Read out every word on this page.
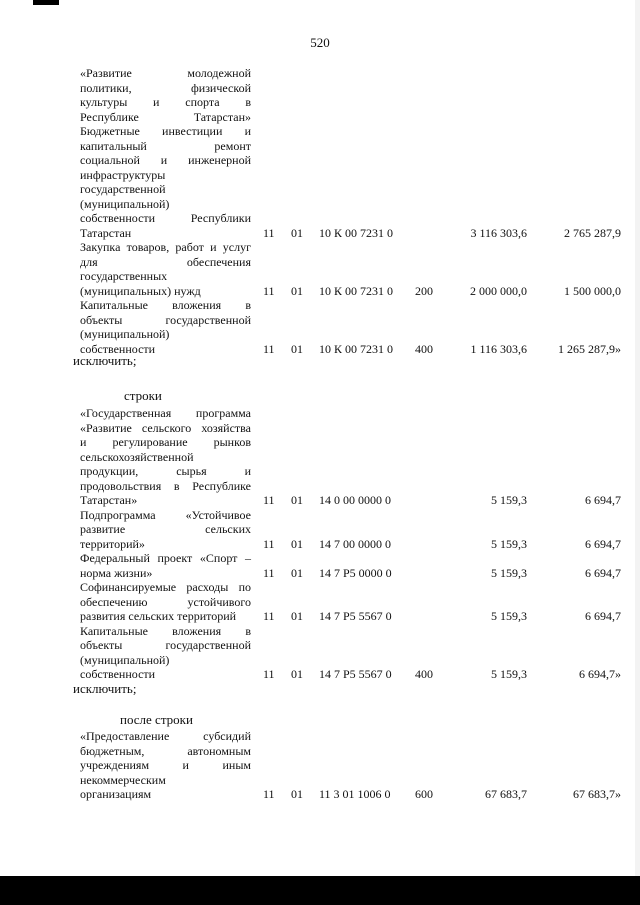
520
«Развитие молодежной
политики, физической
культуры и спорта в
Республике Татарстан»
Бюджетные инвестиции и
капитальный ремонт
социальной и инженерной
инфраструктуры
государственной
(муниципальной)
собственности Республики
Татарстан	11 01 10 К 00 7231 0	3 116 303,6	2 765 287,9
Закупка товаров, работ и услуг
для обеспечения
государственных
(муниципальных) нужд	11 01 10 К 00 7231 0 200	2 000 000,0	1 500 000,0
Капитальные вложения в
объекты государственной
(муниципальной)
собственности	11 01 10 К 00 7231 0 400	1 116 303,6	1 265 287,9»
«Государственная программа
«Развитие сельского хозяйства
и регулирование рынков
сельскохозяйственной
продукции, сырья и
продовольствия в Республике
Татарстан»	11 01 14 0 00 0000 0	5 159,3	6 694,7
Подпрограмма «Устойчивое
развитие сельских
территорий»	11 01 14 7 00 0000 0	5 159,3	6 694,7
Федеральный проект «Спорт –
норма жизни»	11 01 14 7 Р5 0000 0	5 159,3	6 694,7
Софинансируемые расходы по
обеспечению устойчивого
развития сельских территорий	11 01 14 7 Р5 5567 0	5 159,3	6 694,7
Капитальные вложения в
объекты государственной
(муниципальной)
собственности	11 01 14 7 Р5 5567 0 400	5 159,3	6 694,7»
«Предоставление субсидий
бюджетным, автономным
учреждениям и иным
некоммерческим
организациям	11 01 11 3 01 1006 0 600	67 683,7	67 683,7»
исключить;
строки
исключить;
после строки
